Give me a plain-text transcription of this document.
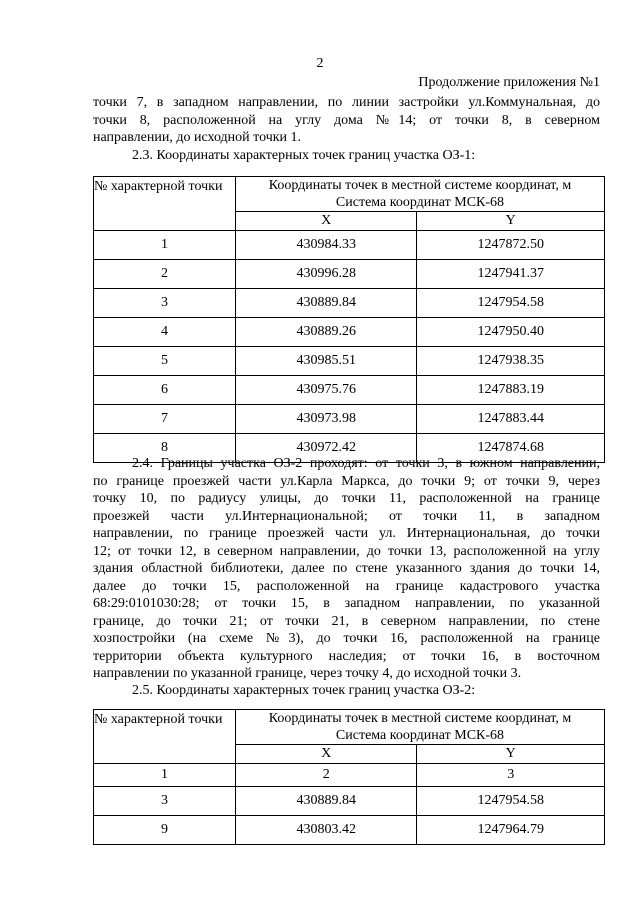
2
Продолжение приложения №1
точки 7, в западном направлении, по линии застройки ул.Коммунальная, до
точки 8, расположенной на углу дома №14; от точки 8, в северном
направлении, до исходной точки 1.
2.3. Координаты характерных точек границ участка ОЗ-1:
№ характерной точки	Координаты точек в местной системе координат, м
Система координат МСК-68	

	X	Y
1	430984.33	1247872.50
2	430996.28	1247941.37
3	430889.84	1247954.58
4	430889.26	1247950.40
5	430985.51	1247938.35
6	430975.76	1247883.19
7	430973.98	1247883.44
8	430972.42	1247874.68
2.4. Границы участка ОЗ-2 проходят: от точки 3, в южном направлении,
по границе проезжей части ул.Карла Маркса, до точки 9; от точки 9, через
точку 10, по радиусу улицы, до точки 11, расположенной на границе
проезжей части ул.Интернациональной; от точки 11, в западном
направлении, по границе проезжей части ул. Интернациональная, до точки
12; от точки 12, в северном направлении, до точки 13, расположенной на углу
здания областной библиотеки, далее по стене указанного здания до точки 14,
далее до точки 15, расположенной на границе кадастрового участка
68:29:0101030:28; от точки 15, в западном направлении, по указанной
границе, до точки 21; от точки 21, в северном направлении, по стене
хозпостройки (на схеме №3), до точки 16, расположенной на границе
территории объекта культурного наследия; от точки 16, в восточном
направлении по указанной границе, через точку 4, до исходной точки 3.
2.5. Координаты характерных точек границ участка ОЗ-2:
№ характерной точки	Координаты точек в местной системе координат, м
Система координат МСК-68	

	X	Y
1	2	3
3	430889.84	1247954.58
9	430803.42	1247964.79
